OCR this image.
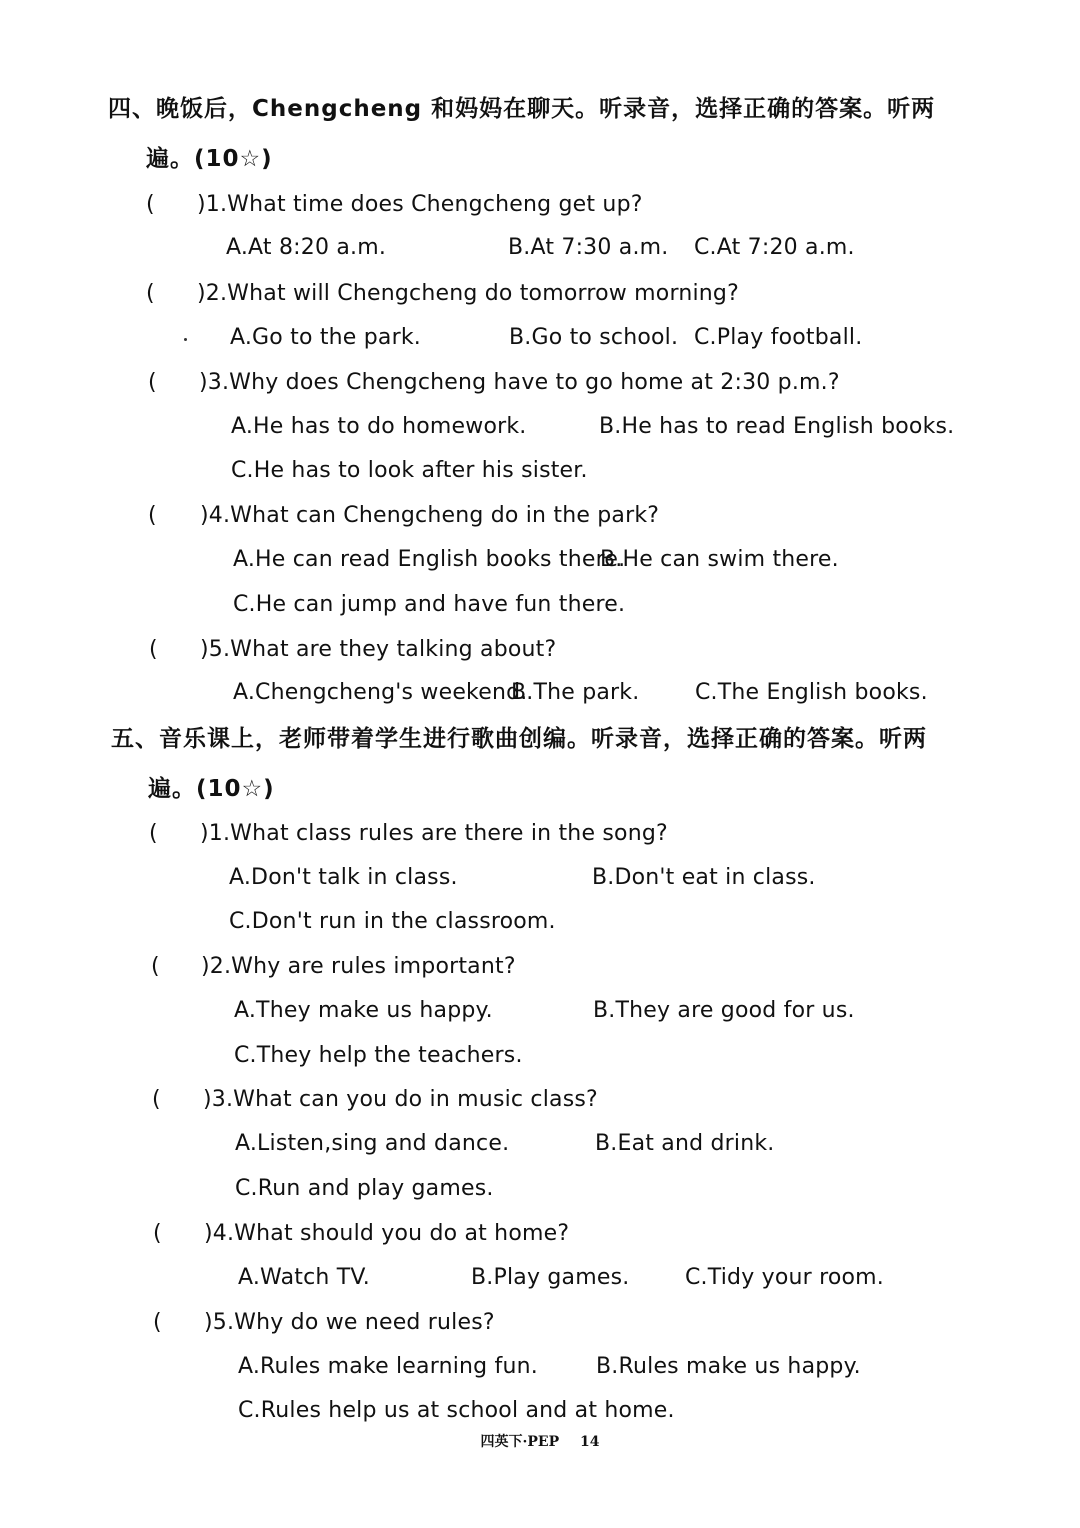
四、晚饭后，Chengcheng 和妈妈在聊天。听录音，选择正确的答案。听两
遍。(10☆)
( )1.What time does Chengcheng get up?
A.At 8:20 a.m.	B.At 7:30 a.m. C.At 7:20 a.m.
( )2.What will Chengcheng do tomorrow morning?
A.Go to the park.	B.Go to school. C.Play football.
( )3.Why does Chengcheng have to go home at 2:30 p.m.?
A.He has to do homework.	B.He has to read English books.
C.He has to look after his sister.
( )4.What can Chengcheng do in the park?
A.He can read English books there.
B.He can swim there.
C.He can jump and have fun there.
( )5.What are they talking about?
A.Chengcheng's weekend.
B.The park.	C.The English books.
五、音乐课上，老师带着学生进行歌曲创编。听录音，选择正确的答案。听两
遍。(10☆)
( )1.What class rules are there in the song?
A.Don't talk in class.	B.Don't eat in class.
C.Don't run in the classroom.
( )2.Why are rules important?
A.They make us happy.	B.They are good for us.
C.They help the teachers.
( )3.What can you do in music class?
A.Listen,sing and dance.	B.Eat and drink.
C.Run and play games.
( )4.What should you do at home?
A.Watch TV.	B.Play games.	C.Tidy your room.
( )5.Why do we need rules?
A.Rules make learning fun.	B.Rules make us happy.
C.Rules help us at school and at home.
四英下·PEP 14
